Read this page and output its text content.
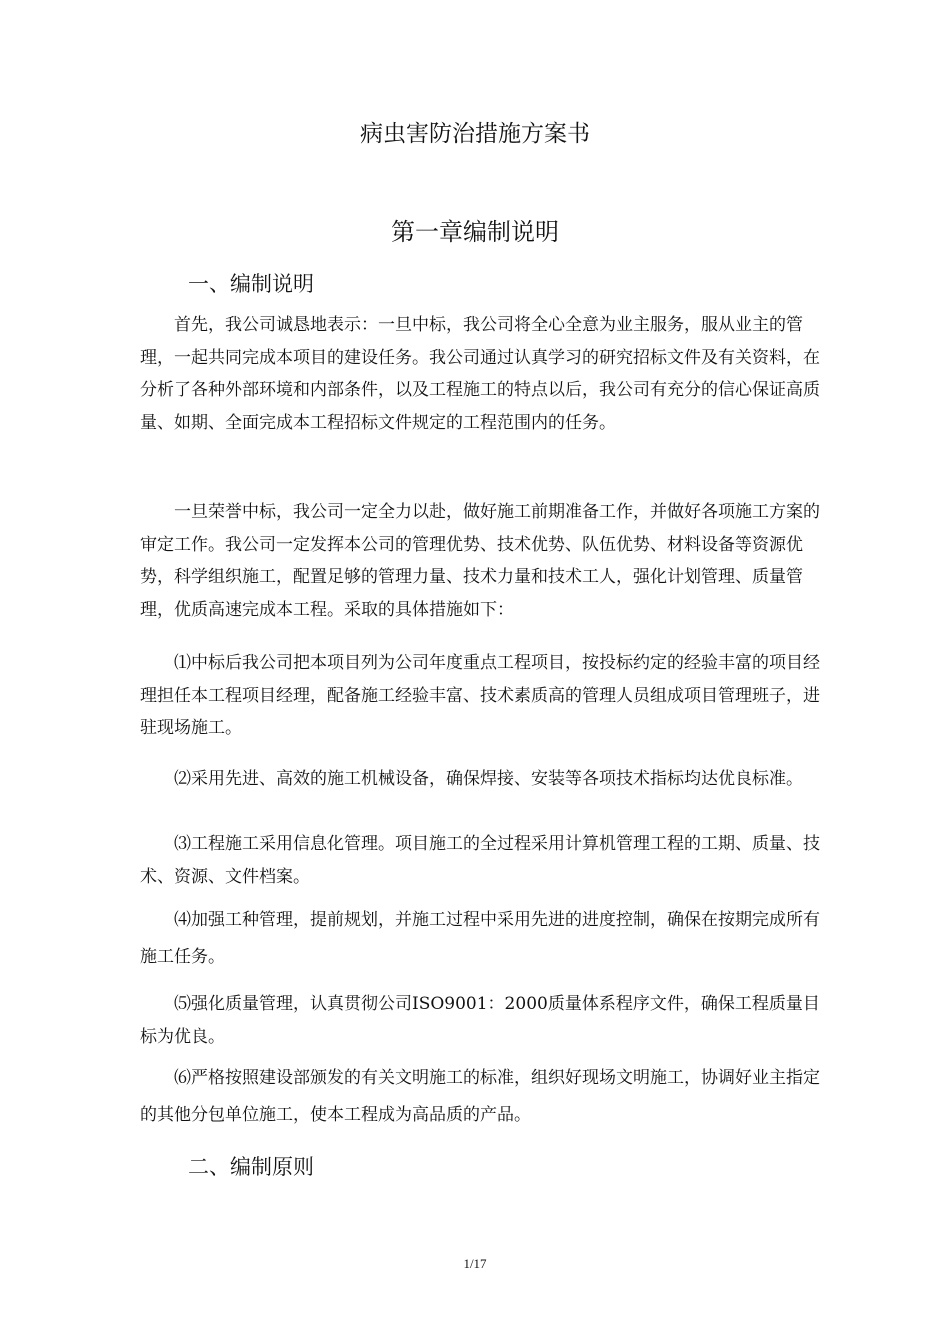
病虫害防治措施方案书
第一章编制说明
一、编制说明

首先，我公司诚恳地表示：一旦中标，我公司将全心全意为业主服务，服从业主的管理，一起共同完成本项目的建设任务。我公司通过认真学习的研究招标文件及有关资料，在分析了各种外部环境和内部条件，以及工程施工的特点以后，我公司有充分的信心保证高质量、如期、全面完成本工程招标文件规定的工程范围内的任务。

一旦荣誉中标，我公司一定全力以赴，做好施工前期准备工作，并做好各项施工方案的审定工作。我公司一定发挥本公司的管理优势、技术优势、队伍优势、材料设备等资源优势，科学组织施工，配置足够的管理力量、技术力量和技术工人，强化计划管理、质量管理，优质高速完成本工程。采取的具体措施如下：

⑴中标后我公司把本项目列为公司年度重点工程项目，按投标约定的经验丰富的项目经理担任本工程项目经理，配备施工经验丰富、技术素质高的管理人员组成项目管理班子，进驻现场施工。

⑵采用先进、高效的施工机械设备，确保焊接、安装等各项技术指标均达优良标准。

⑶工程施工采用信息化管理。项目施工的全过程采用计算机管理工程的工期、质量、技术、资源、文件档案。

⑷加强工种管理，提前规划，并施工过程中采用先进的进度控制，确保在按期完成所有施工任务。

⑸强化质量管理，认真贯彻公司ISO9001：2000质量体系程序文件，确保工程质量目标为优良。

⑹严格按照建设部颁发的有关文明施工的标准，组织好现场文明施工，协调好业主指定的其他分包单位施工，使本工程成为高品质的产品。

二、编制原则
1/17
